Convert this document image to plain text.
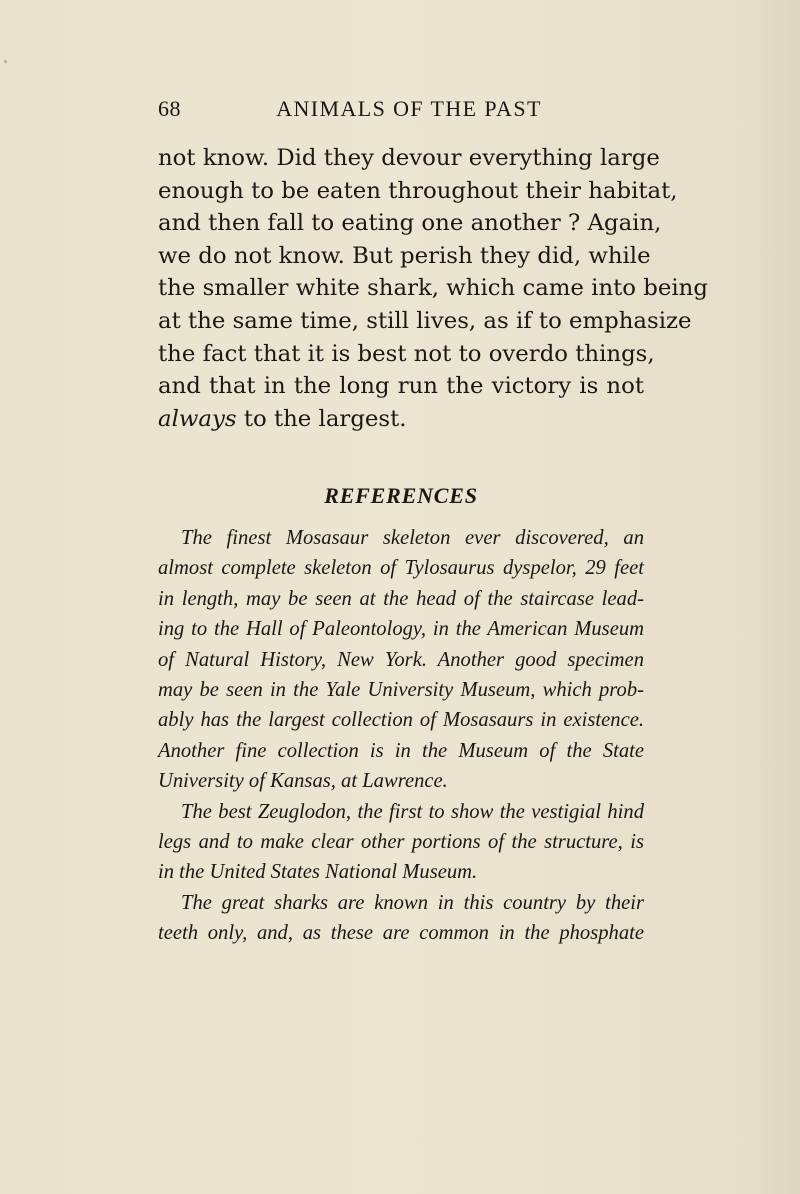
68	ANIMALS OF THE PAST
not know. Did they devour everything large
enough to be eaten throughout their habitat,
and then fall to eating one another ? Again,
we do not know. But perish they did, while
the smaller white shark, which came into being
at the same time, still lives, as if to emphasize
the fact that it is best not to overdo things,
and that in the long run the victory is not
always to the largest.
REFERENCES
The finest Mosasaur skeleton ever discovered, an
almost complete skeleton of Tylosaurus dyspelor, 29 feet
in length, may be seen at the head of the staircase lead-
ing to the Hall of Paleontology, in the American Museum
of Natural History, New York. Another good specimen
may be seen in the Yale University Museum, which prob-
ably has the largest collection of Mosasaurs in existence.
Another fine collection is in the Museum of the State
University of Kansas, at Lawrence.
The best Zeuglodon, the first to show the vestigial hind
legs and to make clear other portions of the structure, is
in the United States National Museum.
The great sharks are known in this country by their
teeth only, and, as these are common in the phosphate
